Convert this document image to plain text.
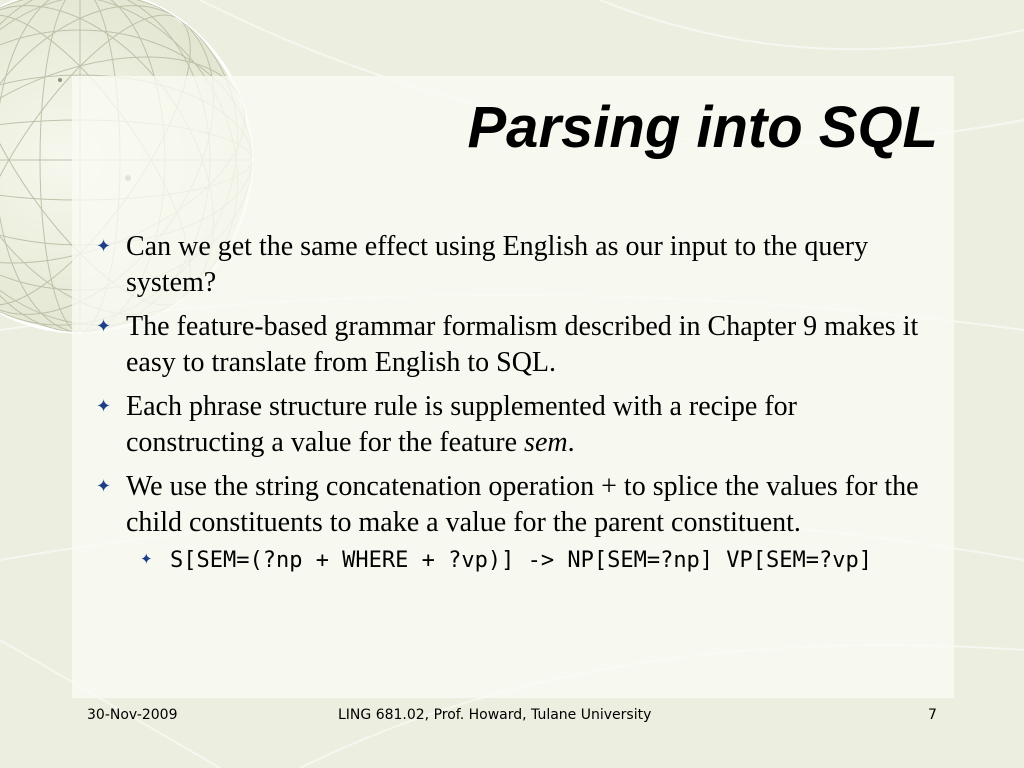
Parsing into SQL
✦ Can we get the same effect using English as our input to the query system?
✦ The feature-based grammar formalism described in Chapter 9 makes it easy to translate from English to SQL.
✦ Each phrase structure rule is supplemented with a recipe for constructing a value for the feature sem.
✦ We use the string concatenation operation + to splice the values for the child constituents to make a value for the parent constituent.
✦ S[SEM=(?np + WHERE + ?vp)] -> NP[SEM=?np] VP[SEM=?vp]
30-Nov-2009	LING 681.02, Prof. Howard, Tulane University	7
